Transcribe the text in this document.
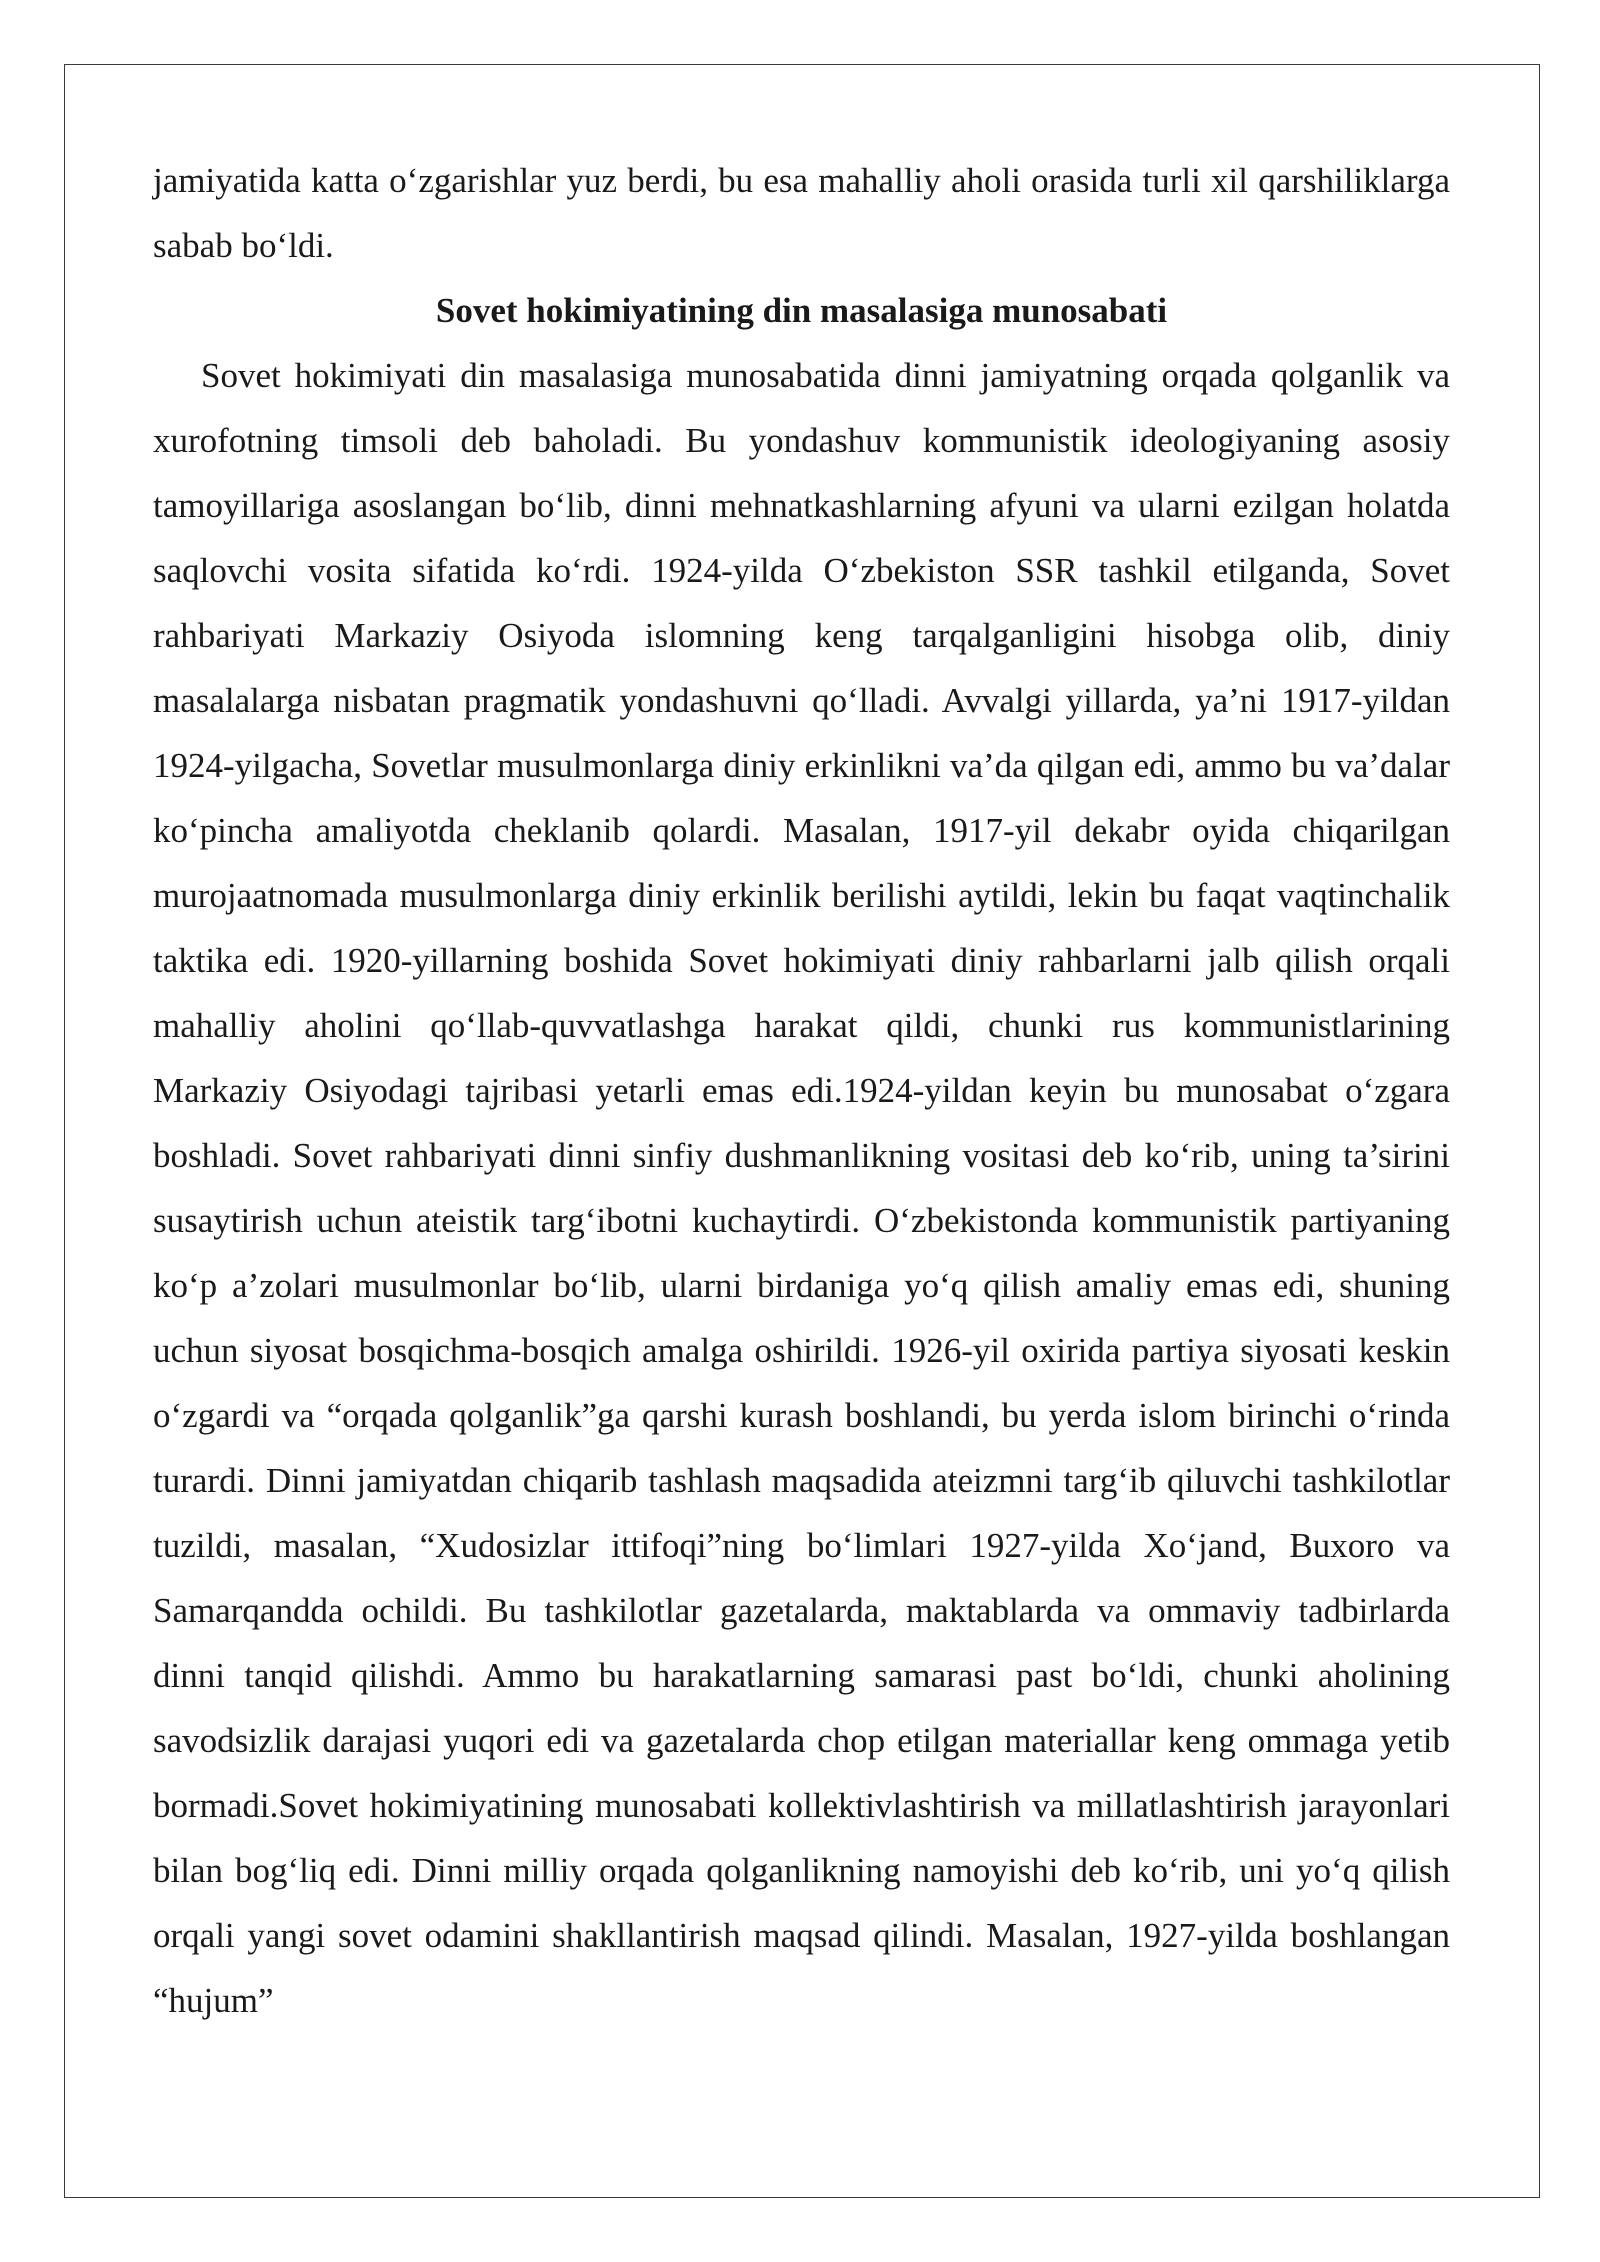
jamiyatida katta o‘zgarishlar yuz berdi, bu esa mahalliy aholi orasida turli xil qarshiliklarga sabab bo‘ldi.

Sovet hokimiyatining din masalasiga munosabati

Sovet hokimiyati din masalasiga munosabatida dinni jamiyatning orqada qolganlik va xurofotning timsoli deb baholadi. Bu yondashuv kommunistik ideologiyaning asosiy tamoyillariga asoslangan bo‘lib, dinni mehnatkashlarning afyuni va ularni ezilgan holatda saqlovchi vosita sifatida ko‘rdi. 1924-yilda O‘zbekiston SSR tashkil etilganda, Sovet rahbariyati Markaziy Osiyoda islomning keng tarqalganligini hisobga olib, diniy masalalarga nisbatan pragmatik yondashuvni qo‘lladi. Avvalgi yillarda, ya’ni 1917-yildan 1924-yilgacha, Sovetlar musulmonlarga diniy erkinlikni va’da qilgan edi, ammo bu va’dalar ko‘pincha amaliyotda cheklanib qolardi. Masalan, 1917-yil dekabr oyida chiqarilgan murojaatnomada musulmonlarga diniy erkinlik berilishi aytildi, lekin bu faqat vaqtinchalik taktika edi. 1920-yillarning boshida Sovet hokimiyati diniy rahbarlarni jalb qilish orqali mahalliy aholini qo‘llab-quvvatlashga harakat qildi, chunki rus kommunistlarining Markaziy Osiyodagi tajribasi yetarli emas edi.1924-yildan keyin bu munosabat o‘zgara boshladi. Sovet rahbariyati dinni sinfiy dushmanlikning vositasi deb ko‘rib, uning ta’sirini susaytirish uchun ateistik targ‘ibotni kuchaytirdi. O‘zbekistonda kommunistik partiyaning ko‘p a’zolari musulmonlar bo‘lib, ularni birdaniga yo‘q qilish amaliy emas edi, shuning uchun siyosat bosqichma-bosqich amalga oshirildi. 1926-yil oxirida partiya siyosati keskin o‘zgardi va “orqada qolganlik”ga qarshi kurash boshlandi, bu yerda islom birinchi o‘rinda turardi. Dinni jamiyatdan chiqarib tashlash maqsadida ateizmni targ‘ib qiluvchi tashkilotlar tuzildi, masalan, “Xudosizlar ittifoqi”ning bo‘limlari 1927-yilda Xo‘jand, Buxoro va Samarqandda ochildi. Bu tashkilotlar gazetalarda, maktablarda va ommaviy tadbirlarda dinni tanqid qilishdi. Ammo bu harakatlarning samarasi past bo‘ldi, chunki aholining savodsizlik darajasi yuqori edi va gazetalarda chop etilgan materiallar keng ommaga yetib bormadi.Sovet hokimiyatining munosabati kollektivlashtirish va millatlashtirish jarayonlari bilan bog‘liq edi. Dinni milliy orqada qolganlikning namoyishi deb ko‘rib, uni yo‘q qilish orqali yangi sovet odamini shakllantirish maqsad qilindi. Masalan, 1927-yilda boshlangan “hujum”
